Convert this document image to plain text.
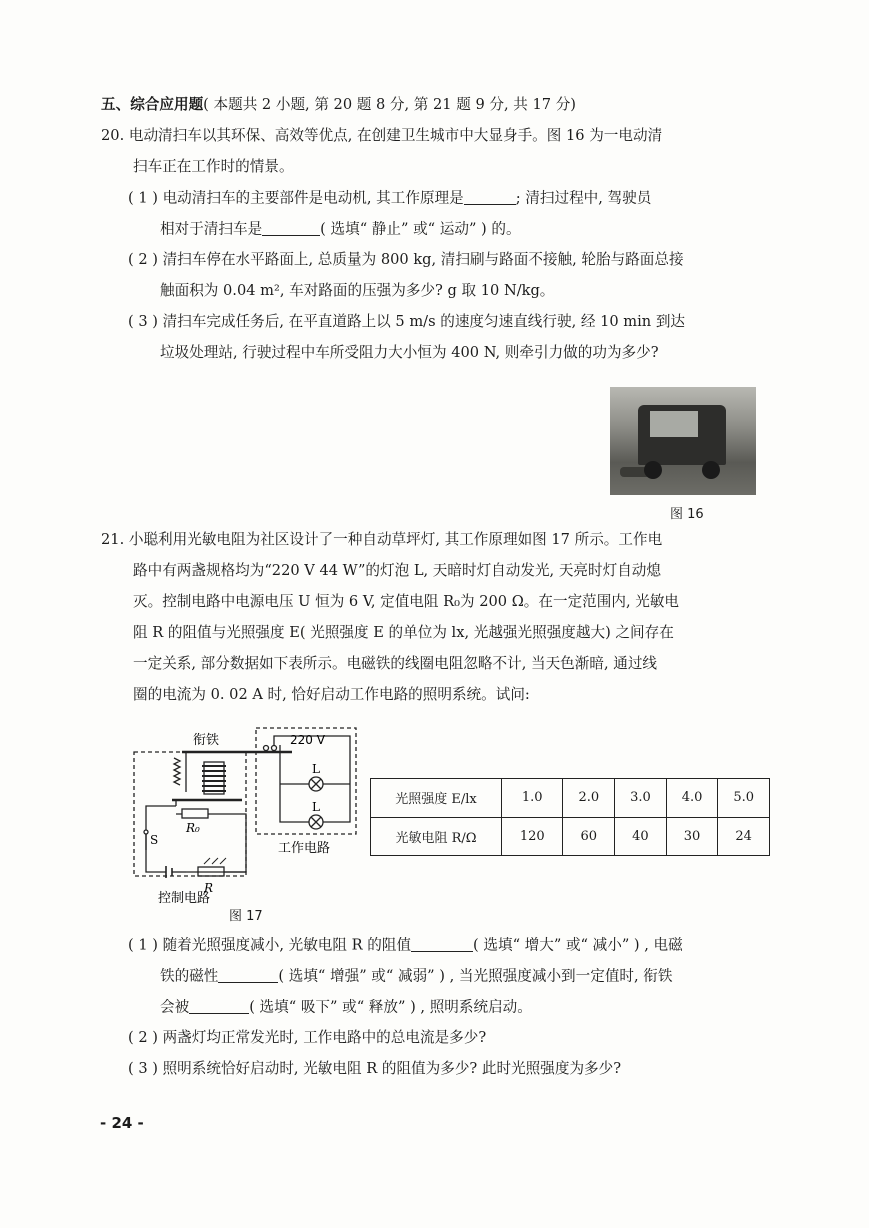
五、综合应用题( 本题共 2 小题, 第 20 题 8 分, 第 21 题 9 分, 共 17 分)
20. 电动清扫车以其环保、高效等优点, 在创建卫生城市中大显身手。图 16 为一电动清
扫车正在工作时的情景。
( 1 ) 电动清扫车的主要部件是电动机, 其工作原理是	; 清扫过程中, 驾驶员
相对于清扫车是	( 选填“ 静止” 或“ 运动” ) 的。
( 2 ) 清扫车停在水平路面上, 总质量为 800 kg, 清扫刷与路面不接触, 轮胎与路面总接
触面积为 0.04 m², 车对路面的压强为多少? g 取 10 N/kg。
( 3 ) 清扫车完成任务后, 在平直道路上以 5 m/s 的速度匀速直线行驶, 经 10 min 到达
垃圾处理站, 行驶过程中车所受阻力大小恒为 400 N, 则牵引力做的功为多少?
图 16
21. 小聪利用光敏电阻为社区设计了一种自动草坪灯, 其工作原理如图 17 所示。工作电
路中有两盏规格均为“220 V 44 W”的灯泡 L, 天暗时灯自动发光, 天亮时灯自动熄
灭。控制电路中电源电压 U 恒为 6 V, 定值电阻 R₀为 200 Ω。在一定范围内, 光敏电
阻 R 的阻值与光照强度 E( 光照强度 E 的单位为 lx, 光越强光照强度越大) 之间存在
一定关系, 部分数据如下表所示。电磁铁的线圈电阻忽略不计, 当天色渐暗, 通过线
圈的电流为 0. 02 A 时, 恰好启动工作电路的照明系统。试问:
衔铁	220 V
L
L
R₀
S
R
工作电路
控制电路
图 17
光照强度 E/lx	1.0	2.0	3.0	4.0	5.0
光敏电阻 R/Ω	120	60	40	30	24
( 1 ) 随着光照强度减小, 光敏电阻 R 的阻值	( 选填“ 增大” 或“ 减小” ) , 电磁
铁的磁性	( 选填“ 增强” 或“ 减弱” ) , 当光照强度减小到一定值时, 衔铁
会被	( 选填“ 吸下” 或“ 释放” ) , 照明系统启动。
( 2 ) 两盏灯均正常发光时, 工作电路中的总电流是多少?
( 3 ) 照明系统恰好启动时, 光敏电阻 R 的阻值为多少? 此时光照强度为多少?
- 24 -
